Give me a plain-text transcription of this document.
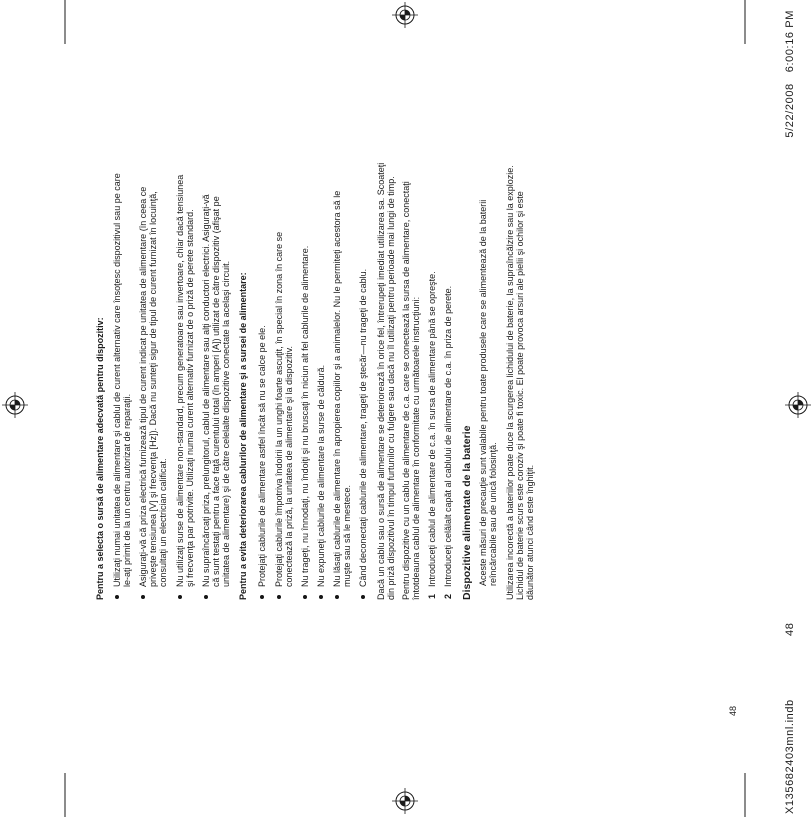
Pentru a selecta o sursă de alimentare adecvată pentru dispozitiv: Utilizaţi numai unitatea de alimentare şi cablul de curent alternativ care însoţesc dispozitivul sau pe care le-aţi primit de la un centru autorizat de reparaţii. Asiguraţi-vă că priza electrică furnizează tipul de curent indicat pe unitatea de alimentare (în ceea ce priveşte tensiunea [V] şi frecvenţa [Hz]). Dacă nu sunteţi sigur de tipul de curent furnizat în locuinţă, consultaţi un electrician calificat. Nu utilizaţi surse de alimentare non-standard, precum generatoare sau invertoare, chiar dacă tensiunea şi frecvenţa par potrivite. Utilizaţi numai curent alternativ furnizat de o priză de perete standard. Nu supraîncărcaţi priza, prelungitorul, cablul de alimentare sau alţi conductori electrici. Asiguraţi-vă că sunt testaţi pentru a face faţă curentului total (în amperi [A]) utilizat de către dispozitiv (afişat pe unitatea de alimentare) şi de către celelalte dispozitive conectate la acelaşi circuit. Pentru a evita deteriorarea cablurilor de alimentare şi a sursei de alimentare: Protejaţi cablurile de alimentare astfel încât să nu se calce pe ele. Protejaţi cablurile împotriva îndoirii la un unghi foarte ascuţit, în special în zona în care se conectează la priză, la unitatea de alimentare şi la dispozitiv. Nu trageţi, nu înnodaţi, nu îndoiţi şi nu bruscaţi în niciun alt fel cablurile de alimentare. Nu expuneţi cablurile de alimentare la surse de căldură. Nu lăsaţi cablurile de alimentare în apropierea copiilor şi a animalelor. Nu le permiteţi acestora să le muşte sau să le mestece. Când deconectaţi cablurile de alimentare, trageţi de ştecăr—nu trageţi de cablu. Dacă un cablu sau o sursă de alimentare se deteriorează în orice fel, întrerupeţi imediat utilizarea sa. Scoateţi din priză dispozitivul în timpul furtunilor cu fulgere sau dacă nu îl utilizaţi pentru perioade mai lungi de timp. Pentru dispozitive cu un cablu de alimentare de c.a. care se conectează la sursa de alimentare, conectaţi întotdeauna cablul de alimentare în conformitate cu următoarele instrucţiuni: 1
Introduceţi cablul de alimentare de c.a. în sursa de alimentare până se opreşte.
2
Introduceţi celălalt capăt al cablului de alimentare de c.a. în priza de perete. Dispozitive alimentate de la baterie Aceste măsuri de precauţie sunt valabile pentru toate produsele care se alimentează de la baterii reîncărcabile sau de unică folosinţă. Utilizarea incorectă a bateriilor poate duce la scurgerea lichidului de baterie, la supraîncălzire sau la explozie. Lichidul de baterie scurs este coroziv şi poate fi toxic. El poate provoca arsuri ale pielii şi ochilor şi este dăunător atunci când este înghiţit.
48	X135682403mnl.indb
48
5/22/2008   6:00:16 PM
